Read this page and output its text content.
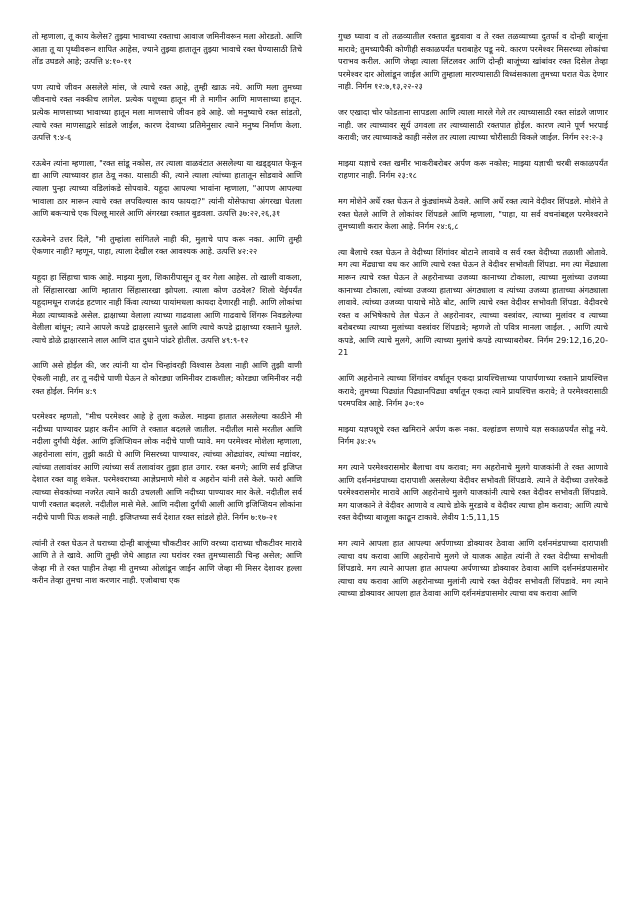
तो म्हणाला, तू काय केलेस? तुझ्या भावाच्या रक्ताचा आवाज जमिनीवरून मला ओरडतो. आणि आता तू या पृथ्वीवरून शापित आहेस, ज्याने तुझ्या हातातून तुझ्या भावाचे रक्त घेण्यासाठी तिचे तोंड उघडले आहे; उत्पत्ति ४:१०-११

पण त्याचे जीवन असलेले मांस, जे त्याचे रक्त आहे, तुम्ही खाऊ नये. आणि मला तुमच्या जीवनाचे रक्त नक्कीच लागेल. प्रत्येक पशूच्या हातून मी ते मागीन आणि माणसाच्या हातून. प्रत्येक माणसाच्या भावाच्या हातून मला माणसाचे जीवन हवे आहे. जो मनुष्याचे रक्त सांडतो, त्याचे रक्त माणसाद्वारे सांडले जाईल, कारण देवाच्या प्रतिमेनुसार त्याने मनुष्य निर्माण केला. उत्पत्ति ९:४-६

रऊबेन त्यांना म्हणाला, "रक्त सांडू नकोस, तर त्याला वाळवंटात असलेल्या या खड्ड्यात फेकून द्या आणि त्याच्यावर हात ठेवू नका. यासाठी की, त्याने त्याला त्यांच्या हातातून सोडवावे आणि त्याला पुन्हा त्याच्या वडिलांकडे सोपवावे. यहूदा आपल्या भावांना म्हणाला, "आपण आपल्या भावाला ठार मारून त्याचे रक्त लपविल्यास काय फायदा?" त्यांनी योसेफाचा अंगरखा घेतला आणि बकऱ्याचे एक पिल्लू मारले आणि अंगरखा रक्तात बुडवला. उत्पत्ति ३७:२२,२६,३१

रऊबेनने उत्तर दिले, "मी तुम्हांला सांगितले नाही की, मुलाचे पाप करू नका. आणि तुम्ही ऐकणार नाही? म्हणून, पाहा, त्याला देखील रक्त आवश्यक आहे. उत्पत्ति ४२:२२

यहूदा हा सिंहाचा चाक आहे. माझ्या मुला, शिकारीपासून तू वर गेला आहेस. तो खाली वाकला, तो सिंहासारखा आणि म्हातारा सिंहासारखा झोपला. त्याला कोण उठवेल? शिलो येईपर्यंत यहूदामधून राजदंड हटणार नाही किंवा त्याच्या पायांमधला कायदा देणारही नाही. आणि लोकांचा मेळा त्याच्याकडे असेल. द्राक्षाच्या वेलाला त्याच्या गाढवाला आणि गाढवाचे शिंगरू निवडलेल्या वेलीला बांधून; त्याने आपले कपडे द्राक्षरसाने धुतले आणि त्याचे कपडे द्राक्षाच्या रक्ताने धुतले. त्याचे डोळे द्राक्षारसाने लाल आणि दात दुधाने पांढरे होतील. उत्पत्ति ४९:९-१२

आणि असे होईल की, जर त्यांनी या दोन चिन्हांवरही विश्वास ठेवला नाही आणि तुझी वाणी ऐकली नाही, तर तू नदीचे पाणी घेऊन ते कोरड्या जमिनीवर टाकशील; कोरड्या जमिनीवर नदी रक्त होईल. निर्गम ४:९

परमेश्वर म्हणतो, "मीच परमेश्वर आहे हे तुला कळेल. माझ्या हातात असलेल्या काठीने मी नदीच्या पाण्यावर प्रहार करीन आणि ते रक्तात बदलले जातील. नदीतील मासे मरतील आणि नदीला दुर्गंधी येईल. आणि इजिप्शियन लोक नदीचे पाणी प्यावे. मग परमेश्वर मोशेला म्हणाला, अहरोनाला सांग, तुझी काठी घे आणि मिसरच्या पाण्यावर, त्यांच्या ओढ्यांवर, त्यांच्या नद्यांवर, त्यांच्या तलावांवर आणि त्यांच्या सर्व तलावांवर तुझा हात उगार. रक्त बनणे; आणि सर्व इजिप्त देशात रक्त वाहू शकेल. परमेश्वराच्या आज्ञेप्रमाणे मोशे व अहरोन यांनी तसे केले. फारो आणि त्याच्या सेवकांच्या नजरेत त्याने काठी उचलली आणि नदीच्या पाण्यावर मार केले. नदीतील सर्व पाणी रक्तात बदलले. नदीतील मासे मेले. आणि नदीला दुर्गंधी आली आणि इजिप्शियन लोकांना नदीचे पाणी पिऊ शकले नाही. इजिप्तच्या सर्व देशात रक्त सांडले होते. निर्गम ७:१७-२१

त्यांनी ते रक्त घेऊन ते घराच्या दोन्ही बाजूंच्या चौकटीवर आणि वरच्या दाराच्या चौकटीवर मारावे आणि ते ते खावे. आणि तुम्ही जेथे आहात त्या घरांवर रक्त तुमच्यासाठी चिन्ह असेल; आणि जेव्हा मी ते रक्त पाहीन तेव्हा मी तुमच्या ओलांडून जाईन आणि जेव्हा मी मिसर देशावर हल्ला करीन तेव्हा तुमचा नाश करणार नाही. एजोबाचा एक

गुच्छ घ्यावा व तो तळव्यातील रक्तात बुडवावा व ते रक्त तळव्याच्या दुतर्फा व दोन्ही बाजूंना मारावे; तुमच्यापैकी कोणीही सकाळपर्यंत घराबाहेर पडू नये. कारण परमेश्वर मिसरच्या लोकांचा पराभव करील. आणि जेव्हा त्याला लिंटलवर आणि दोन्ही बाजूंच्या खांबांवर रक्त दिसेल तेव्हा परमेश्वर दार ओलांडून जाईल आणि तुम्हाला मारण्यासाठी विध्वंसकाला तुमच्या घरात येऊ देणार नाही. निर्गम १२:७,१३,२२-२३

जर एखादा चोर फोडताना सापडला आणि त्याला मारले गेले तर त्याच्यासाठी रक्त सांडले जाणार नाही. जर त्याच्यावर सूर्य उगवला तर त्याच्यासाठी रक्तपात होईल. कारण त्याने पूर्ण भरपाई करावी; जर त्याच्याकडे काही नसेल तर त्याला त्याच्या चोरीसाठी विकले जाईल. निर्गम २२:२-३

माझ्या यज्ञाचे रक्त खमीर भाकरीबरोबर अर्पण करू नकोस; माझ्या यज्ञाची चरबी सकाळपर्यंत राहणार नाही. निर्गम २३:१८

मग मोशेने अर्धे रक्त घेऊन ते कुंड्यांमध्ये ठेवले. आणि अर्धे रक्त त्याने वेदीवर शिंपडले. मोशेने ते रक्त घेतले आणि ते लोकांवर शिंपडले आणि म्हणाला, "पाहा, या सर्व वचनांबद्दल परमेश्वराने तुमच्याशी करार केला आहे. निर्गम २४:६,८

त्या बैलाचे रक्त घेऊन ते वेदीच्या शिंगांवर बोटाने लावावे व सर्व रक्त वेदीच्या तळाशी ओतावे. मग त्या मेंढ्याचा वध कर आणि त्याचे रक्त घेऊन ते वेदीवर सभोवती शिंपडा. मग त्या मेंढ्याला मारून त्याचे रक्त घेऊन ते अहरोनाच्या उजव्या कानाच्या टोकाला, त्याच्या मुलांच्या उजव्या कानाच्या टोकाला, त्यांच्या उजव्या हाताच्या अंगठ्याला व त्यांच्या उजव्या हाताच्या अंगठ्याला लावावे. त्यांच्या उजव्या पायाचे मोठे बोट, आणि त्याचे रक्त वेदीवर सभोवती शिंपडा. वेदीवरचे रक्त व अभिषेकाचे तेल घेऊन ते अहरोनावर, त्याच्या वस्त्रांवर, त्याच्या मुलांवर व त्याच्या बरोबरच्या त्याच्या मुलांच्या वस्त्रांवर शिंपडावे; म्हणजे तो पवित्र मानला जाईल. , आणि त्याचे कपडे, आणि त्याचे मुलगे, आणि त्याच्या मुलांचे कपडे त्याच्याबरोबर. निर्गम 29:12,16,20-21

आणि अहरोनाने त्याच्या शिंगांवर वर्षातून एकदा प्रायश्चित्ताच्या पापार्पणाच्या रक्ताने प्रायश्चित्त करावे; तुमच्या पिढ्यांत पिढ्यानपिढ्या वर्षातून एकदा त्याने प्रायश्चित्त करावे; ते परमेश्वरासाठी परमपवित्र आहे. निर्गम ३०:१०

माझ्या यज्ञपशूचे रक्त खमिराने अर्पण करू नका. वल्हांडण सणाचे यज्ञ सकाळपर्यंत सोडू नये. निर्गम ३४:२५

मग त्याने परमेश्वरासमोर बैलाचा वध करावा; मग अहरोनाचे मुलगे याजकांनी ते रक्त आणावे आणि दर्शनमंडपाच्या दारापाशी असलेल्या वेदीवर सभोवती शिंपडावे. त्याने ते वेदीच्या उत्तरेकडे परमेश्वरासमोर मारावे आणि अहरोनाचे मुलगे याजकांनी त्याचे रक्त वेदीवर सभोवती शिंपडावे. मग याजकाने ते वेदीवर आणावे व त्याचे डोके मुरडावे व वेदीवर त्याचा होम करावा; आणि त्याचे रक्त वेदीच्या बाजूला काढून टाकावे. लेवीय 1:5,11,15

मग त्याने आपला हात आपल्या अर्पणाच्या डोक्यावर ठेवावा आणि दर्शनमंडपाच्या दारापाशी त्याचा वध करावा आणि अहरोनाचे मुलगे जे याजक आहेत त्यांनी ते रक्त वेदीच्या सभोवती शिंपडावे. मग त्याने आपला हात आपल्या अर्पणाच्या डोक्यावर ठेवावा आणि दर्शनमंडपासमोर त्याचा वध करावा आणि अहरोनाच्या मुलांनी त्याचे रक्त वेदीवर सभोवती शिंपडावे. मग त्याने त्याच्या डोक्यावर आपला हात ठेवावा आणि दर्शनमंडपासमोर त्याचा वध करावा आणि
